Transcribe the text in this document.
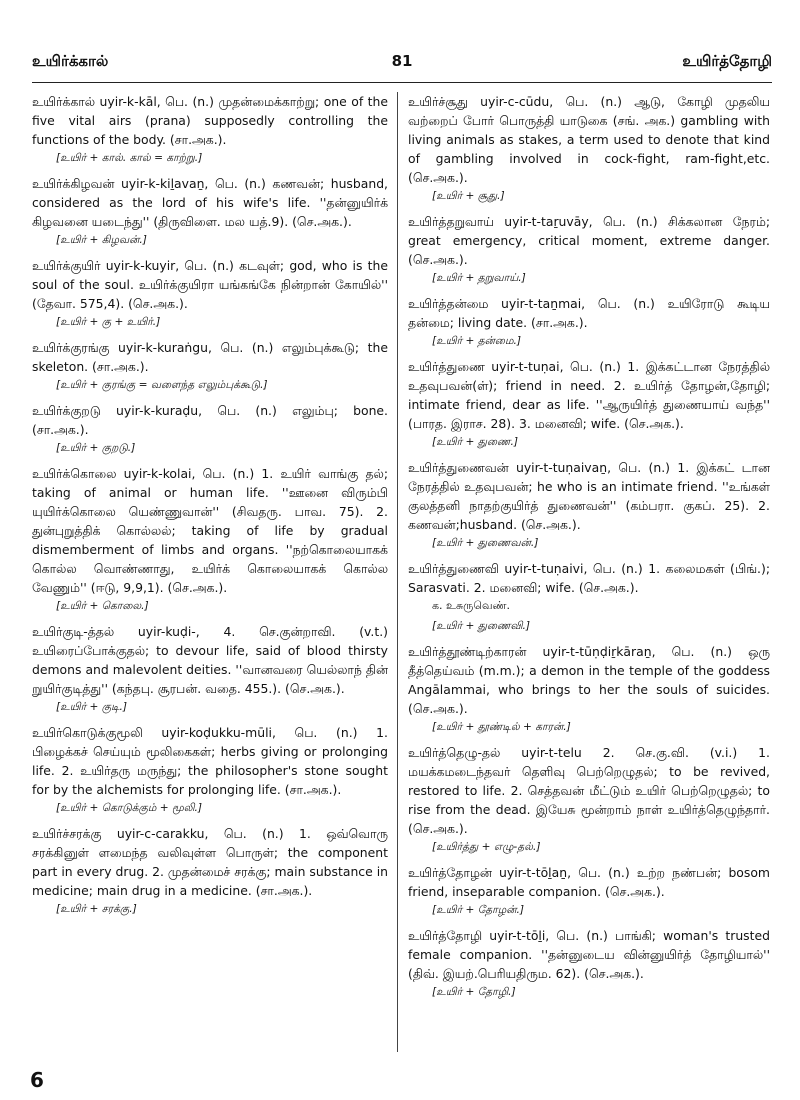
உயிர்க்கால்	81	உயிர்த்தோழி
உயிர்க்கால் uyir-k-kāl, பெ. (n.) முதன்மைக்காற்று; one of the five vital airs (prana) supposedly controlling the functions of the body. (சா.அக.).
[உயிர் + கால். கால் = காற்று.]
உயிர்க்கிழவன் uyir-k-kiḻavaṉ, பெ. (n.) கணவன்; husband, considered as the lord of his wife's life. ''தன்னுயிர்க் கிழவனை யடைந்து'' (திருவிளை. மல யத்.9). (செ.அக.).
[உயிர் + கிழவன்.]
உயிர்க்குயிர் uyir-k-kuyir, பெ. (n.) கடவுள்; god, who is the soul of the soul. உயிர்க்குயிரா யங்கங்கே நின்றான் கோயில்'' (தேவா. 575,4). (செ.அக.).
[உயிர் + கு + உயிர்.]
உயிர்க்குரங்கு uyir-k-kuraṅgu, பெ. (n.) எலும்புக்கூடு; the skeleton. (சா.அக.).
[உயிர் + குரங்கு = வளைந்த எலும்புக்கூடு.]
உயிர்க்குறடு uyir-k-kuraḍu, பெ. (n.) எலும்பு; bone. (சா.அக.).
[உயிர் + குறடு.]
உயிர்க்கொலை uyir-k-kolai, பெ. (n.) 1. உயிர் வாங்கு தல்; taking of animal or human life. ''ஊனை விரும்பி யுயிர்க்கொலை யெண்ணுவான்'' (சிவதரு. பாவ. 75). 2. துன்புறுத்திக் கொல்லல்; taking of life by gradual dismemberment of limbs and organs. ''நற்கொலையாகக் கொல்ல வொண்ணாது, உயிர்க் கொலையாகக் கொல்ல வேணும்'' (ஈடு, 9,9,1). (செ.அக.).
[உயிர் + கொலை.]
உயிர்குடி-த்தல் uyir-kuḍi-, 4. செ.குன்றாவி. (v.t.) உயிரைப்போக்குதல்; to devour life, said of blood thirsty demons and malevolent deities. ''வானவரை யெல்லாந் தின் றுயிர்குடித்து'' (கந்தபு. சூரபன். வதை. 455.). (செ.அக.).
[உயிர் + குடி.]
உயிர்கொடுக்குமூலி uyir-koḍukku-mūli, பெ. (n.) 1. பிழைக்கச் செய்யும் மூலிகைகள்; herbs giving or prolonging life. 2. உயிர்தரு மருந்து; the philosopher's stone sought for by the alchemists for prolonging life. (சா.அக.).
[உயிர் + கொடுக்கும் + மூலி.]
உயிர்ச்சரக்கு uyir-c-carakku, பெ. (n.) 1. ஒவ்வொரு சரக்கினுள் ளமைந்த வலிவுள்ள பொருள்; the component part in every drug. 2. முதன்மைச் சரக்கு; main substance in medicine; main drug in a medicine. (சா.அக.).
[உயிர் + சரக்கு.]
உயிர்ச்சூது uyir-c-cūdu, பெ. (n.) ஆடு, கோழி முதலிய வற்றைப் போர் பொருத்தி யாடுகை (சங். அக.) gambling with living animals as stakes, a term used to denote that kind of gambling involved in cock-fight, ram-fight,etc. (செ.அக.).
[உயிர் + சூது.]
உயிர்த்தறுவாய் uyir-t-taṟuvāy, பெ. (n.) சிக்கலான நேரம்; great emergency, critical moment, extreme danger. (செ.அக.).
[உயிர் + தறுவாய்.]
உயிர்த்தன்மை uyir-t-taṉmai, பெ. (n.) உயிரோடு கூடிய தன்மை; living date. (சா.அக.).
[உயிர் + தன்மை.]
உயிர்த்துணை uyir-t-tuṇai, பெ. (n.) 1. இக்கட்டான நேரத்தில் உதவுபவன்(ள்); friend in need. 2. உயிர்த் தோழன்,தோழி; intimate friend, dear as life. ''ஆருயிர்த் துணையாய் வந்த'' (பாரத. இராச. 28). 3. மனைவி; wife. (செ.அக.).
[உயிர் + துணை.]
உயிர்த்துணைவன் uyir-t-tuṇaivaṉ, பெ. (n.) 1. இக்கட் டான நேரத்தில் உதவுபவன்; he who is an intimate friend. ''உங்கள் குலத்தனி நாதற்குயிர்த் துணைவன்'' (கம்பரா. குகப். 25). 2. கணவன்;husband. (செ.அக.).
[உயிர் + துணைவன்.]
உயிர்த்துணைவி uyir-t-tuṇaivi, பெ. (n.) 1. கலைமகள் (பிங்.); Sarasvati. 2. மனைவி; wife. (செ.அக.).
க. உசுருவெண்.
[உயிர் + துணைவி.]
உயிர்த்தூண்டிற்காரன் uyir-t-tūṇḍiṟkāraṉ, பெ. (n.) ஒரு தீத்தெய்வம் (m.m.); a demon in the temple of the goddess Angālammai, who brings to her the souls of suicides. (செ.அக.).
[உயிர் + தூண்டில் + காரன்.]
உயிர்த்தெழு-தல் uyir-t-telu 2. செ.கு.வி. (v.i.) 1. மயக்கமடைந்தவர் தெளிவு பெற்றெழுதல்; to be revived, restored to life. 2. செத்தவன் மீட்டும் உயிர் பெற்றெழுதல்; to rise from the dead. இயேசு மூன்றாம் நாள் உயிர்த்தெழுந்தார். (செ.அக.).
[உயிர்த்து + எழு-தல்.]
உயிர்த்தோழன் uyir-t-tōḻaṉ, பெ. (n.) உற்ற நண்பன்; bosom friend, inseparable companion. (செ.அக.).
[உயிர் + தோழன்.]
உயிர்த்தோழி uyir-t-tōḻi, பெ. (n.) பாங்கி; woman's trusted female companion. ''தன்னுடைய வின்னுயிர்த் தோழியால்'' (திவ். இயற்.பெரியதிரும. 62). (செ.அக.).
[உயிர் + தோழி.]
6
